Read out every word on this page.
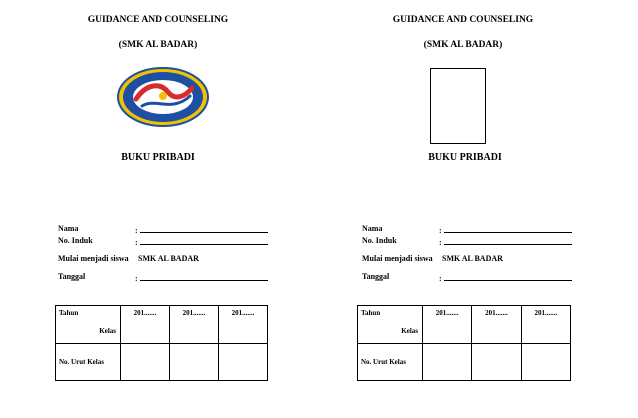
GUIDANCE AND COUNSELING
(SMK AL BADAR)
BUKU PRIBADI
Nama	:
No. Induk	:
Mulai menjadi siswa SMK AL BADAR
Tanggal	:
Tahun
Kelas	201.......	201.......	201.......
No. Urut Kelas			
GUIDANCE AND COUNSELING
(SMK AL BADAR)
BUKU PRIBADI
Nama	:
No. Induk	:
Mulai menjadi siswa SMK AL BADAR
Tanggal	:
Tahun
Kelas	201.......	201.......	201.......
No. Urut Kelas			
